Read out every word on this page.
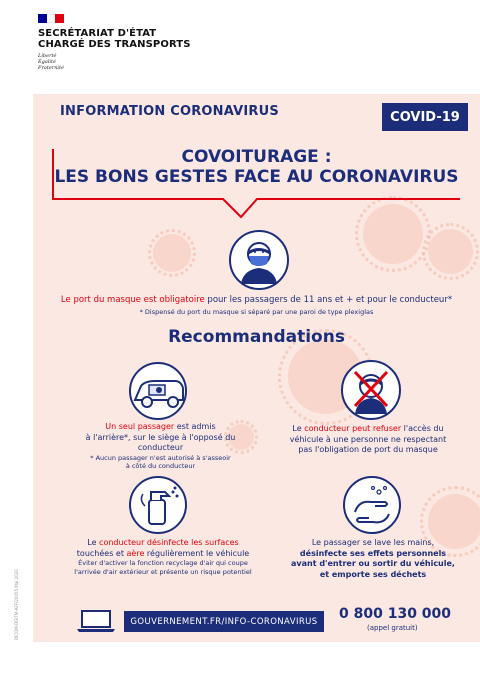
SECRÉTARIAT D'ÉTAT
CHARGÉ DES TRANSPORTS
Liberté
Égalité
Fraternité
INFORMATION CORONAVIRUS	COVID-19
COVOITURAGE :
LES BONS GESTES FACE AU CORONAVIRUS
Le port du masque est obligatoire pour les passagers de 11 ans et + et pour le conducteur*
* Dispensé du port du masque si séparé par une paroi de type plexiglas
Recommandations
Un seul passager est admis
à l'arrière*, sur le siège à l'opposé du conducteur
* Aucun passager n'est autorisé à s'asseoir
à côté du conducteur
Le conducteur peut refuser l'accès du
véhicule à une personne ne respectant
pas l'obligation de port du masque
Le conducteur désinfecte les surfaces
touchées et aère régulièrement le véhicule
Éviter d'activer la fonction recyclage d'air qui coupe
l'arrivée d'air extérieur et présente un risque potentiel
Le passager se lave les mains,
désinfecte ses effets personnels
avant d'entrer ou sortir du véhicule,
et emporte ses déchets
GOUVERNEMENT.FR/INFO-CORONAVIRUS	0 800 130 000
(appel gratuit)
DICOM-DGITM-AFF/20055 Mai 2020
